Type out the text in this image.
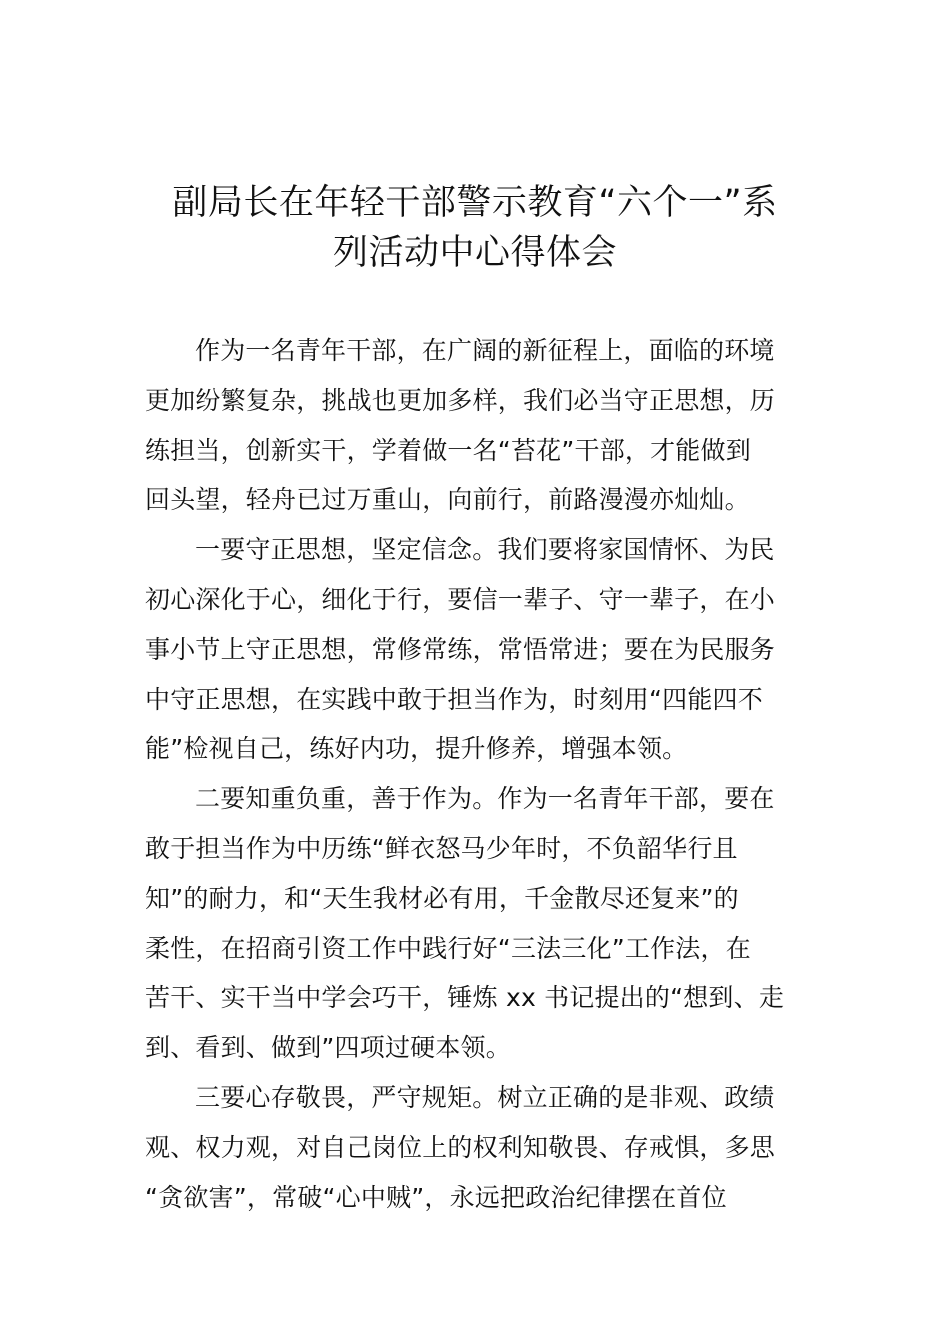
副局长在年轻干部警示教育“六个一”系
列活动中心得体会
作为一名青年干部，在广阔的新征程上，面临的环境
更加纷繁复杂，挑战也更加多样，我们必当守正思想，历
练担当，创新实干，学着做一名“苔花”干部，才能做到
回头望，轻舟已过万重山，向前行，前路漫漫亦灿灿。
一要守正思想，坚定信念。我们要将家国情怀、为民
初心深化于心，细化于行，要信一辈子、守一辈子，在小
事小节上守正思想，常修常练，常悟常进；要在为民服务
中守正思想，在实践中敢于担当作为，时刻用“四能四不
能”检视自己，练好内功，提升修养，增强本领。
二要知重负重，善于作为。作为一名青年干部，要在
敢于担当作为中历练“鲜衣怒马少年时，不负韶华行且
知”的耐力，和“天生我材必有用，千金散尽还复来”的
柔性，在招商引资工作中践行好“三法三化”工作法，在
苦干、实干当中学会巧干，锤炼 xx 书记提出的“想到、走
到、看到、做到”四项过硬本领。
三要心存敬畏，严守规矩。树立正确的是非观、政绩
观、权力观，对自己岗位上的权利知敬畏、存戒惧，多思
“贪欲害”，常破“心中贼”，永远把政治纪律摆在首位
